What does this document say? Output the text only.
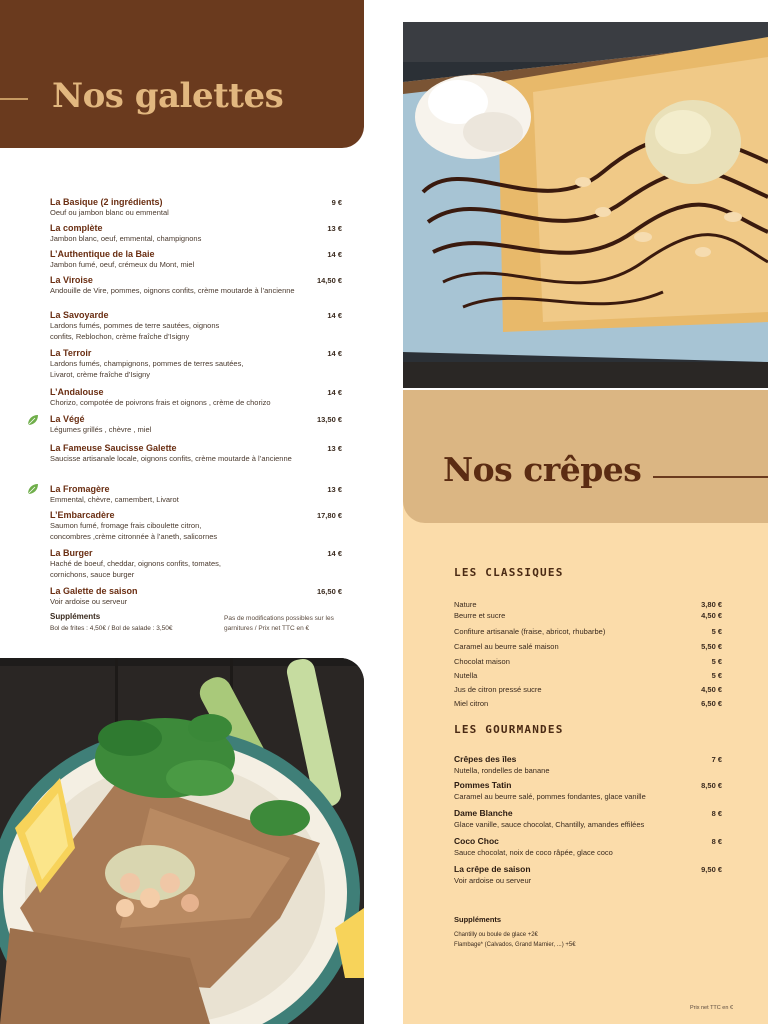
Nos galettes
La Basique (2 ingrédients)	9 €
Oeuf ou jambon blanc ou emmental
La complète	13 €
Jambon blanc, oeuf, emmental, champignons
L’Authentique de la Baie	14 €
Jambon fumé, oeuf, crémeux du Mont, miel
La Viroise	14,50 €
Andouille de Vire, pommes, oignons confits, crème moutarde à l’ancienne
La Savoyarde	14 €
Lardons fumés, pommes de terre sautées, oignons
confits, Reblochon, crème fraîche d’Isigny
La Terroir	14 €
Lardons fumés, champignons, pommes de terres sautées,
Livarot, crème fraîche d’Isigny
L’Andalouse	14 €
Chorizo, compotée de poivrons frais et oignons , crème de chorizo
La Végé	13,50 €
Légumes grillés , chèvre , miel
La Fameuse Saucisse Galette	13 €
Saucisse artisanale locale, oignons confits, crème moutarde à l’ancienne
La Fromagère	13 €
Emmental, chèvre, camembert, Livarot
L’Embarcadère	17,80 €
Saumon fumé, fromage frais ciboulette citron,
concombres ,crème citronnée à l’aneth, salicornes
La Burger	14 €
Haché de boeuf, cheddar, oignons confits, tomates,
cornichons, sauce burger
La Galette de saison	16,50 €
Voir ardoise ou serveur
Suppléments
Bol de frites : 4,50€ / Bol de salade : 3,50€
Pas de modifications possibles sur les garnitures / Prix net TTC en €
Nos crêpes
LES CLASSIQUES
Nature	3,80 €
Beurre et sucre	4,50 €
Confiture artisanale (fraise, abricot, rhubarbe)	5 €
Caramel au beurre salé maison	5,50 €
Chocolat maison	5 €
Nutella	5 €
Jus de citron pressé sucre	4,50 €
Miel citron	6,50 €
LES GOURMANDES
Crêpes des îles	7 €
Nutella, rondelles de banane
Pommes Tatin	8,50 €
Caramel au beurre salé, pommes fondantes, glace vanille
Dame Blanche	8 €
Glace vanille, sauce chocolat, Chantilly, amandes effilées
Coco Choc	8 €
Sauce chocolat, noix de coco râpée, glace coco
La crêpe de saison	9,50 €
Voir ardoise ou serveur
Suppléments
Chantilly ou boule de glace +2€
Flambage* (Calvados, Grand Marnier, ...) +5€
Prix net TTC en €
